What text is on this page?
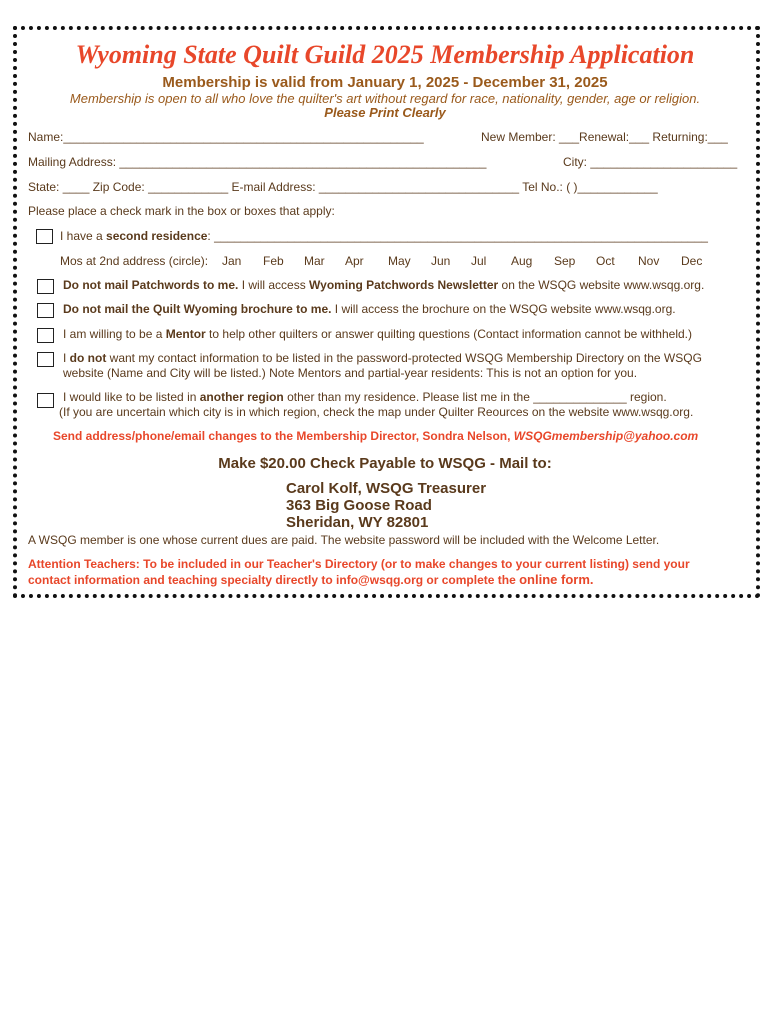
Wyoming State Quilt Guild 2025 Membership Application
Membership is valid from January 1, 2025 - December 31, 2025
Membership is open to all who love the quilter's art without regard for race, nationality, gender, age or religion.
Please Print Clearly
Name:______________________________________________________	New Member: ___Renewal:___ Returning:___
Mailing Address: _______________________________________________________	City: ______________________
State: ____ Zip Code: ____________ E-mail Address: ______________________________ Tel No.: ( )____________
Please place a check mark in the box or boxes that apply:
I have a second residence: __________________________________________________________________________
Mos at 2nd address (circle): Jan Feb Mar Apr May Jun Jul Aug Sep Oct Nov Dec
Do not mail Patchwords to me. I will access Wyoming Patchwords Newsletter on the WSQG website www.wsqg.org.
Do not mail the Quilt Wyoming brochure to me. I will access the brochure on the WSQG website www.wsqg.org.
I am willing to be a Mentor to help other quilters or answer quilting questions (Contact information cannot be withheld.)
I do not want my contact information to be listed in the password-protected WSQG Membership Directory on the WSQG
website (Name and City will be listed.) Note Mentors and partial-year residents: This is not an option for you.
I would like to be listed in another region other than my residence. Please list me in the ______________ region.
(If you are uncertain which city is in which region, check the map under Quilter Reources on the website www.wsqg.org.
Send address/phone/email changes to the Membership Director, Sondra Nelson, WSQGmembership@yahoo.com
Make $20.00 Check Payable to WSQG - Mail to:
Carol Kolf, WSQG Treasurer
363 Big Goose Road
Sheridan, WY 82801
A WSQG member is one whose current dues are paid. The website password will be included with the Welcome Letter.
Attention Teachers: To be included in our Teacher's Directory (or to make changes to your current listing) send your
contact information and teaching specialty directly to info@wsqg.org or complete the online form.
